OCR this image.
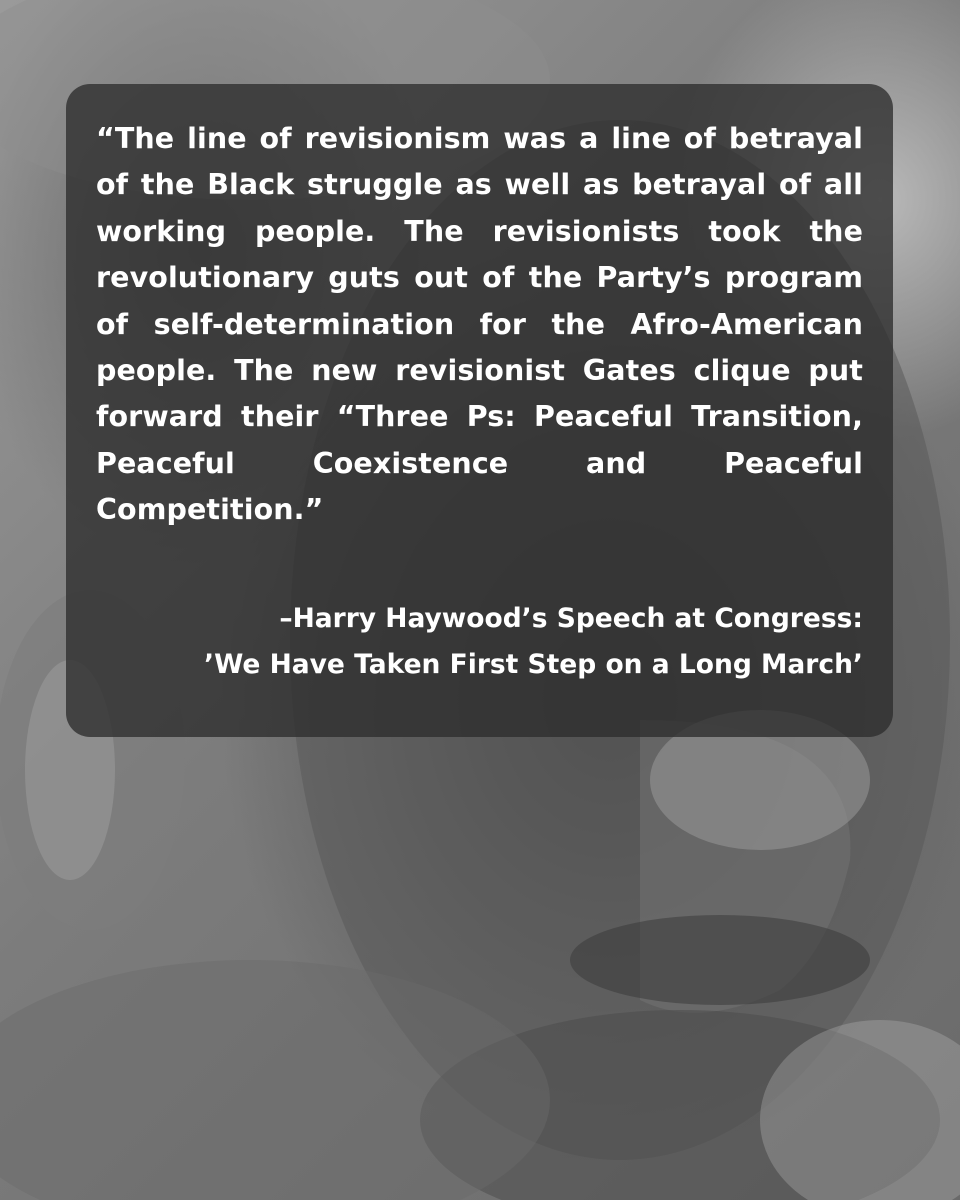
“The line of revisionism was a line of betrayal of the Black struggle as well as betrayal of all working people. The revisionists took the revolutionary guts out of the Party’s program of self-determination for the Afro-American people. The new revisionist Gates clique put forward their “Three Ps: Peaceful Transition, Peaceful Coexistence and Peaceful Competition.”

–Harry Haywood’s Speech at Congress:
’We Have Taken First Step on a Long March’
